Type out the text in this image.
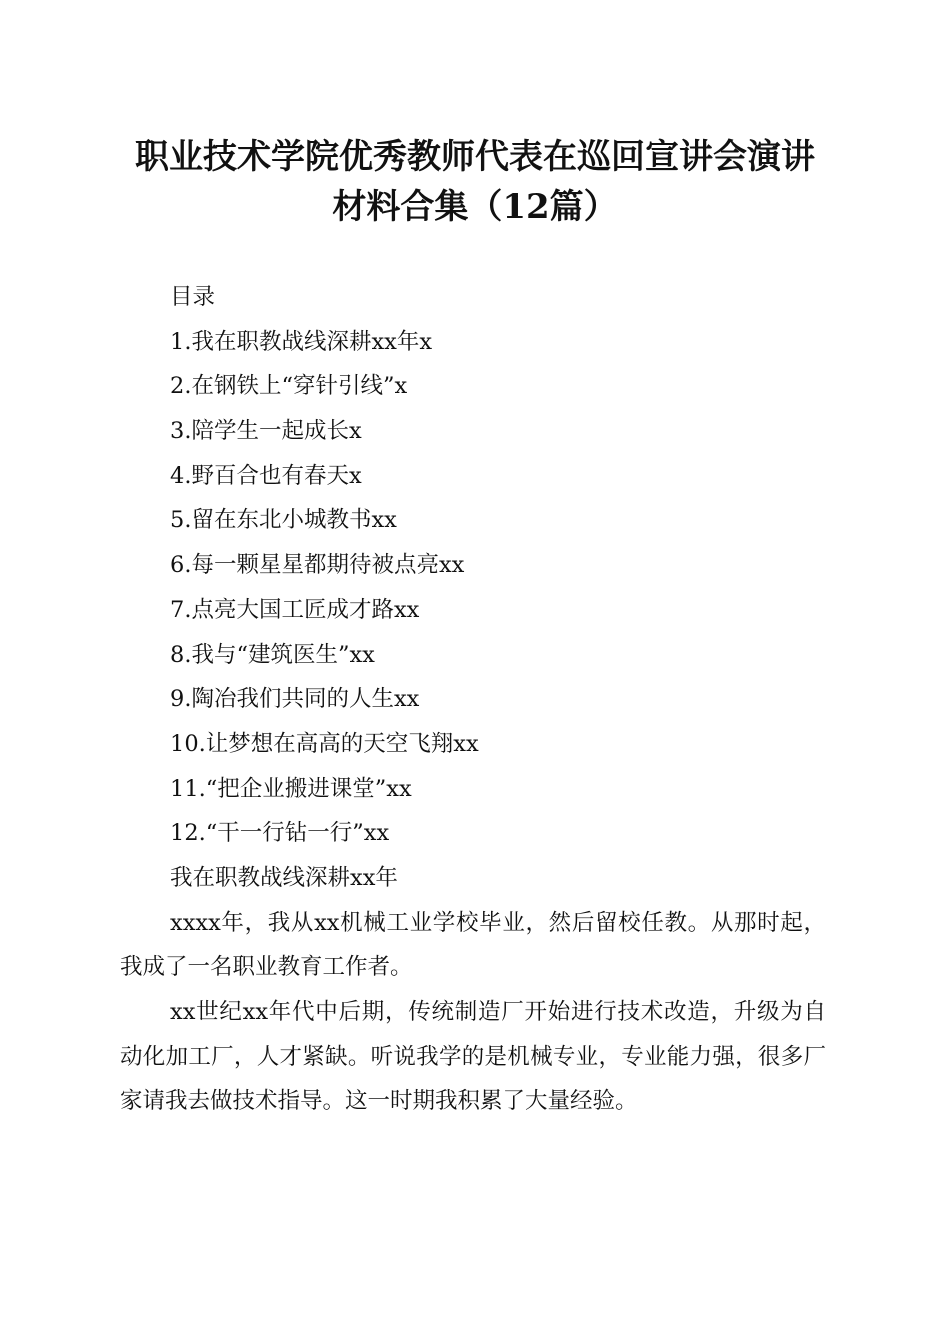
职业技术学院优秀教师代表在巡回宣讲会演讲
材料合集（12篇）
目录
1.我在职教战线深耕xx年x
2.在钢铁上“穿针引线”x
3.陪学生一起成长x
4.野百合也有春天x
5.留在东北小城教书xx
6.每一颗星星都期待被点亮xx
7.点亮大国工匠成才路xx
8.我与“建筑医生”xx
9.陶冶我们共同的人生xx
10.让梦想在高高的天空飞翔xx
11.“把企业搬进课堂”xx
12.“干一行钻一行”xx
我在职教战线深耕xx年

xxxx年，我从xx机械工业学校毕业，然后留校任教。从那时起，我成了一名职业教育工作者。

xx世纪xx年代中后期，传统制造厂开始进行技术改造，升级为自动化加工厂，人才紧缺。听说我学的是机械专业，专业能力强，很多厂家请我去做技术指导。这一时期我积累了大量经验。
